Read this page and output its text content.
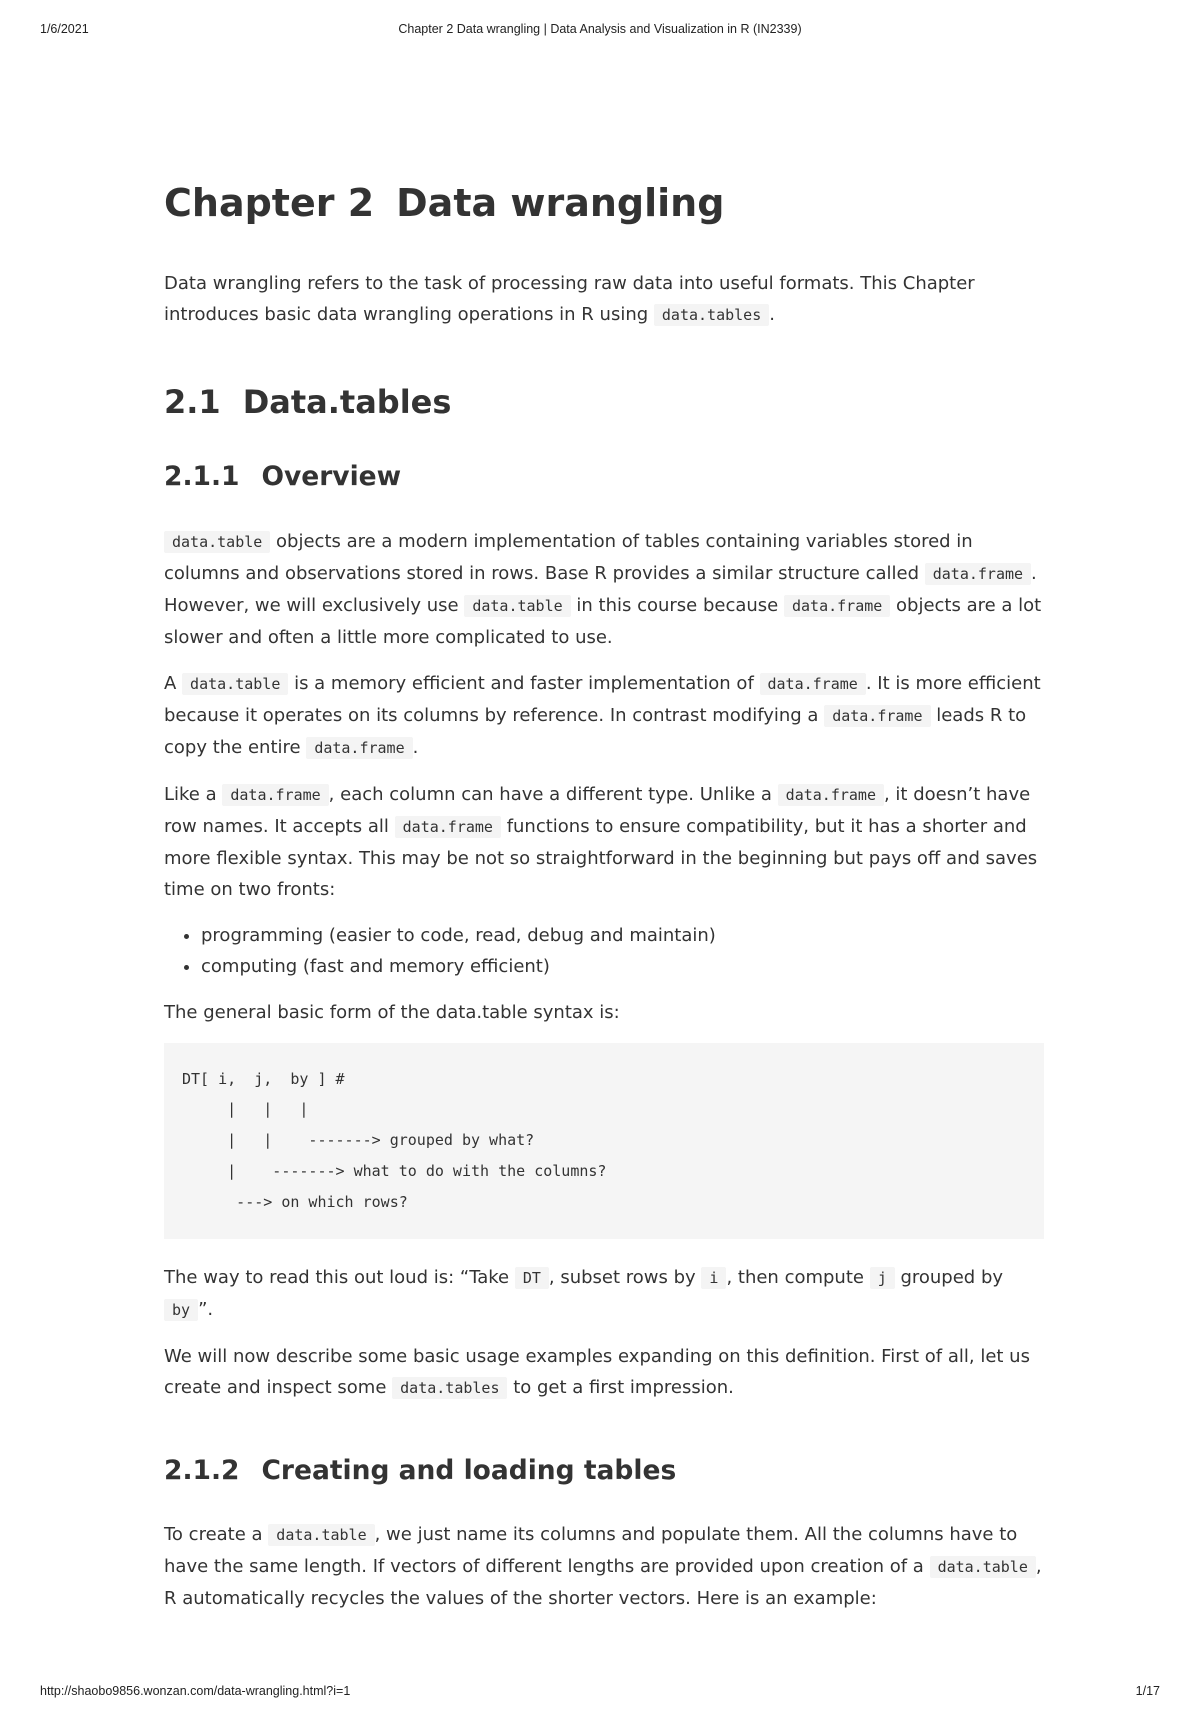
1/6/2021	Chapter 2 Data wrangling | Data Analysis and Visualization in R (IN2339)
Chapter 2 Data wrangling

Data wrangling refers to the task of processing raw data into useful formats. This Chapter introduces basic data wrangling operations in R using data.tables .

2.1 Data.tables
2.1.1 Overview

data.table objects are a modern implementation of tables containing variables stored in columns and observations stored in rows. Base R provides a similar structure called data.frame . However, we will exclusively use data.table in this course because data.frame objects are a lot slower and often a little more complicated to use.

A data.table is a memory efficient and faster implementation of data.frame . It is more efficient because it operates on its columns by reference. In contrast modifying a data.frame leads R to copy the entire data.frame .

Like a data.frame , each column can have a different type. Unlike a data.frame , it doesn’t have row names. It accepts all data.frame functions to ensure compatibility, but it has a shorter and more flexible syntax. This may be not so straightforward in the beginning but pays off and saves time on two fronts:

• programming (easier to code, read, debug and maintain)
• computing (fast and memory efficient)

The general basic form of the data.table syntax is:

DT[ i,  j,  by ] #
|   |   |
|   |    -------> grouped by what?
|    -------> what to do with the columns?
---> on which rows?

The way to read this out loud is: “Take DT , subset rows by i , then compute j grouped by by ”.

We will now describe some basic usage examples expanding on this definition. First of all, let us create and inspect some data.tables to get a first impression.

2.1.2 Creating and loading tables

To create a data.table , we just name its columns and populate them. All the columns have to have the same length. If vectors of different lengths are provided upon creation of a data.table , R automatically recycles the values of the shorter vectors. Here is an example:

http://shaobo9856.wonzan.com/data-wrangling.html?i=1	1/17
